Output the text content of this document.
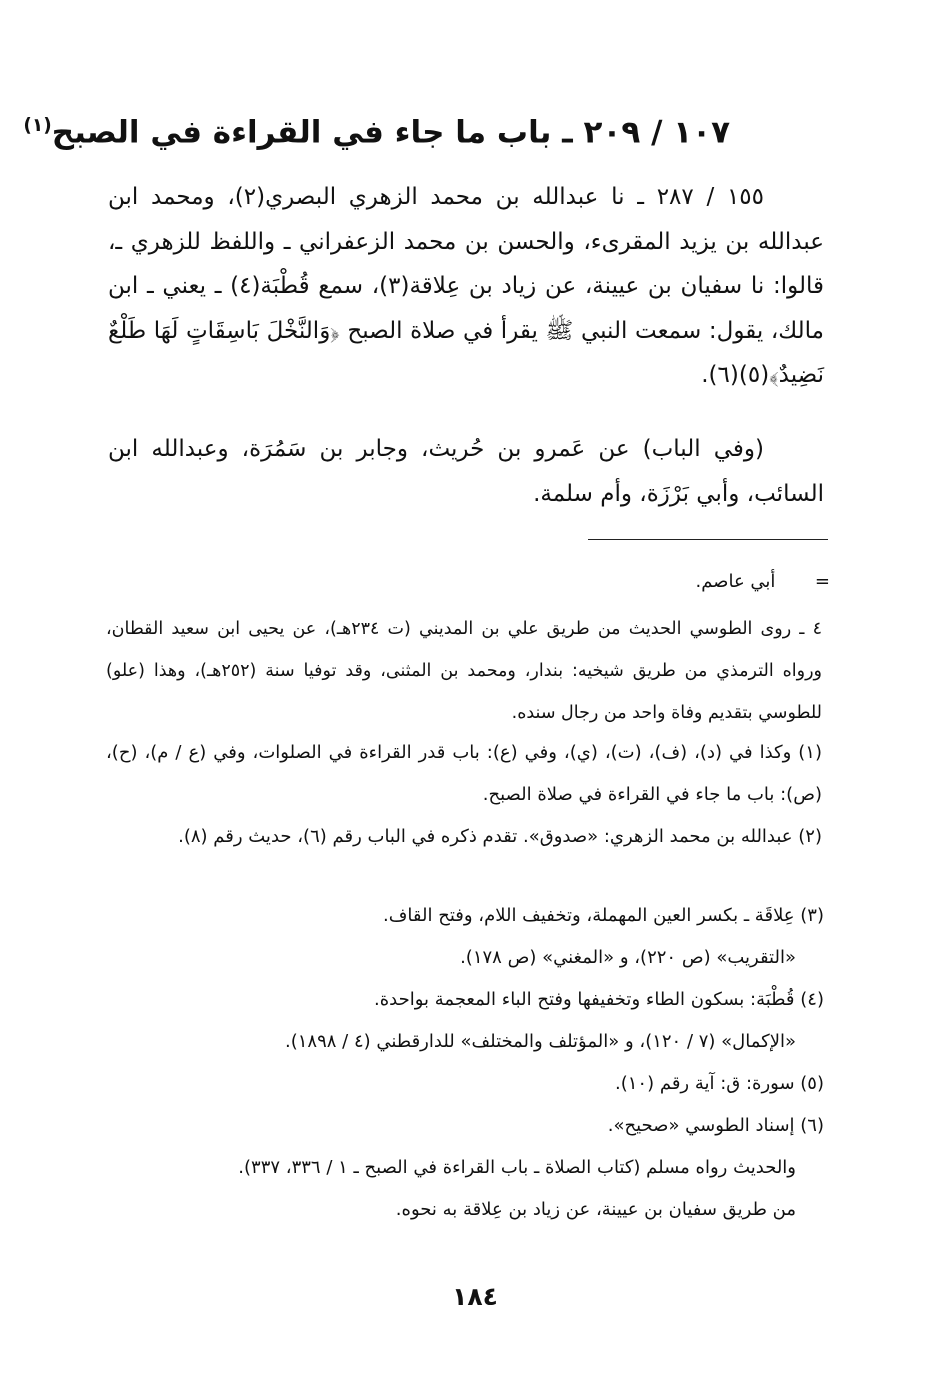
١٠٧ / ٢٠٩ ـ باب ما جاء في القراءة في الصبح$^{(١)}$

١٥٥ / ٢٨٧ ـ نا عبدالله بن محمد الزهري البصري(٢)، ومحمد ابن عبدالله بن يزيد المقرىء، والحسن بن محمد الزعفراني ـ واللفظ للزهري ـ، قالوا: نا سفيان بن عيينة، عن زياد بن عِلاقة(٣)، سمع قُطْبَة(٤) ـ يعني ـ ابن مالك، يقول: سمعت النبي ﷺ يقرأ في صلاة الصبح ﴿وَالنَّخْلَ بَاسِقَاتٍ لَهَا طَلْعٌ نَضِيدٌ﴾(٥)(٦).

(وفي الباب) عن عَمرو بن حُريث، وجابر بن سَمُرَة، وعبدالله ابن السائب، وأبي بَرْزَة، وأم سلمة.

=  أبي عاصم.

٤ ـ روى الطوسي الحديث من طريق علي بن المديني (ت ٢٣٤هـ)، عن يحيى ابن سعيد القطان، ورواه الترمذي من طريق شيخيه: بندار، ومحمد بن المثنى، وقد توفيا سنة (٢٥٢هـ)، وهذا (علو) للطوسي بتقديم وفاة واحد من رجال سنده.

(١) وكذا في (د)، (ف)، (ت)، (ي)، وفي (ع): باب قدر القراءة في الصلوات، وفي (ع / م)، (ح)، (ص): باب ما جاء في القراءة في صلاة الصبح.

(٢) عبدالله بن محمد الزهري: «صدوق». تقدم ذكره في الباب رقم (٦)، حديث رقم (٨).

(٣) عِلاقَة ـ بكسر العين المهملة، وتخفيف اللام، وفتح القاف.
«التقريب» (ص ٢٢٠)، و «المغني» (ص ١٧٨).
(٤) قُطْبَة: بسكون الطاء وتخفيفها وفتح الباء المعجمة بواحدة.
«الإكمال» (٧ / ١٢٠)، و «المؤتلف والمختلف» للدارقطني (٤ / ١٨٩٨).
(٥) سورة: ق: آية رقم (١٠).
(٦) إسناد الطوسي «صحيح».
والحديث رواه مسلم (كتاب الصلاة ـ باب القراءة في الصبح ـ ١ / ٣٣٦، ٣٣٧).
من طريق سفيان بن عيينة، عن زياد بن عِلاقة به نحوه.
١٨٤
